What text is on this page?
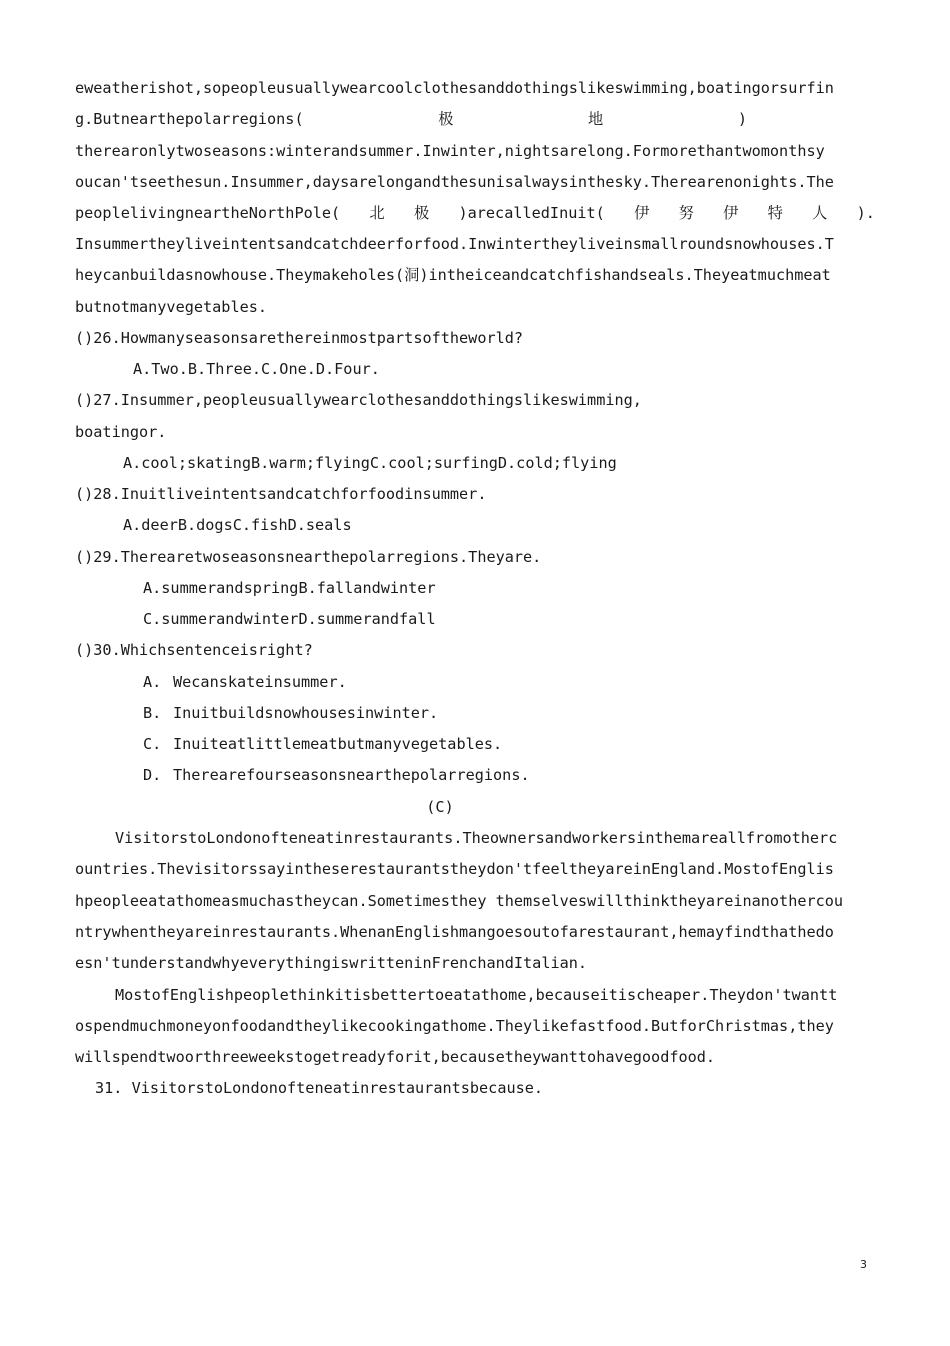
eweatherishot,sopeopleusuallywearcoolclothesanddothingslikeswimming,boatingorsurfin
g.Butnearthepolarregions(	极	地	)
therearonlytwoseasons:winterandsummer.Inwinter,nightsarelong.Formorethantwomonthsy
oucan'tseethesun.Insummer,daysarelongandthesunisalwaysinthesky.Therearenonights.The
peoplelivingneartheNorthPole( 北 极 )arecalledInuit( 伊 努 伊 特 人 ).
Insummertheyliveintentsandcatchdeerforfood.Inwintertheyliveinsmallroundsnowhouses.T
heycanbuildasnowhouse.Theymakeholes(洞)intheiceandcatchfishandseals.Theyeatmuchmeat
butnotmanyvegetables.
()26.Howmanyseasonsarethereinmostpartsoftheworld?
A.Two.B.Three.C.One.D.Four.
()27.Insummer,peopleusuallywearclothesanddothingslikeswimming,
boatingor.
A.cool;skatingB.warm;flyingC.cool;surfingD.cold;flying
()28.Inuitliveintentsandcatchforfoodinsummer.
A.deerB.dogsC.fishD.seals
()29.Therearetwoseasonsnearthepolarregions.Theyare.
A.summerandspringB.fallandwinter
C.summerandwinterD.summerandfall
()30.Whichsentenceisright?
A. Wecanskateinsummer.
B. Inuitbuildsnowhousesinwinter.
C. Inuiteatlittlemeatbutmanyvegetables.
D. Therearefourseasonsnearthepolarregions.
(C)
VisitorstoLondonofteneatinrestaurants.Theownersandworkersinthemareallfromotherc
ountries.Thevisitorssayintheserestaurantstheydon'tfeeltheyareinEngland.MostofEnglis
hpeopleeatathomeasmuchastheycan.Sometimesthey themselveswillthinktheyareinanothercou
ntrywhentheyareinrestaurants.WhenanEnglishmangoesoutofarestaurant,hemayfindthathedo
esn'tunderstandwhyeverythingiswritteninFrenchandItalian.
MostofEnglishpeoplethinkitisbettertoeatathome,becauseitischeaper.Theydon'twantt
ospendmuchmoneyonfoodandtheylikecookingathome.Theylikefastfood.ButforChristmas,they
willspendtwoorthreeweekstogetreadyforit,becausetheywanttohavegoodfood.
31. VisitorstoLondonofteneatinrestaurantsbecause.
3
